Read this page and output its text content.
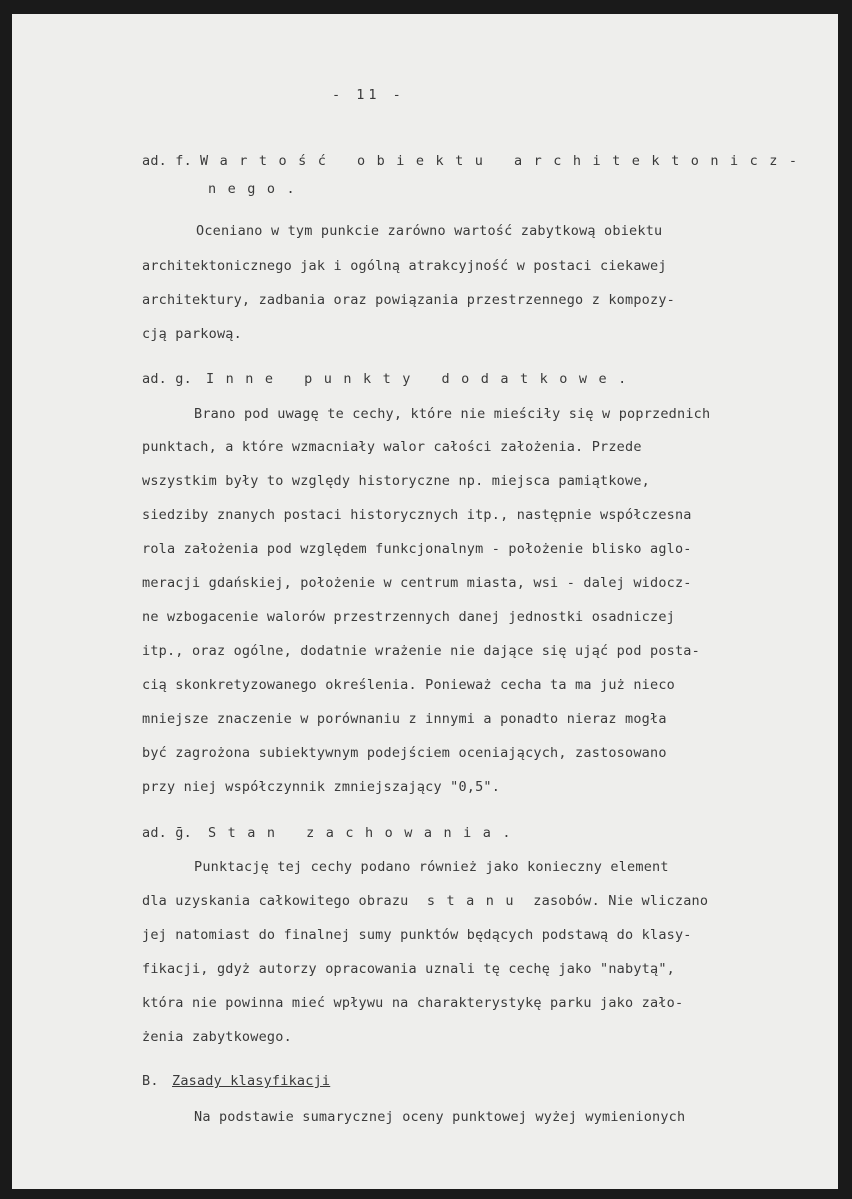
- 11 -
ad. f. Wartość obiektu architektonicz-
nego.
Oceniano w tym punkcie zarówno wartość zabytkową obiektu
architektonicznego jak i ogólną atrakcyjność w postaci ciekawej
architektury, zadbania oraz powiązania przestrzennego z kompozy-
cją parkową.
ad. g. Inne punkty dodatkowe.
Brano pod uwagę te cechy, które nie mieściły się w poprzednich
punktach, a które wzmacniały walor całości założenia. Przede
wszystkim były to względy historyczne np. miejsca pamiątkowe,
siedziby znanych postaci historycznych itp., następnie współczesna
rola założenia pod względem funkcjonalnym - położenie blisko aglo-
meracji gdańskiej, położenie w centrum miasta, wsi - dalej widocz-
ne wzbogacenie walorów przestrzennych danej jednostki osadniczej
itp., oraz ogólne, dodatnie wrażenie nie dające się ująć pod posta-
cią skonkretyzowanego określenia. Ponieważ cecha ta ma już nieco
mniejsze znaczenie w porównaniu z innymi a ponadto nieraz mogła
być zagrożona subiektywnym podejściem oceniających, zastosowano
przy niej współczynnik zmniejszający "0,5".
ad. ḡ. Stan zachowania.
Punktację tej cechy podano również jako konieczny element
dla uzyskania całkowitego obrazu stanu zasobów. Nie wliczano
jej natomiast do finalnej sumy punktów będących podstawą do klasy-
fikacji, gdyż autorzy opracowania uznali tę cechę jako "nabytą",
która nie powinna mieć wpływu na charakterystykę parku jako zało-
żenia zabytkowego.
B. Zasady klasyfikacji
Na podstawie sumarycznej oceny punktowej wyżej wymienionych
